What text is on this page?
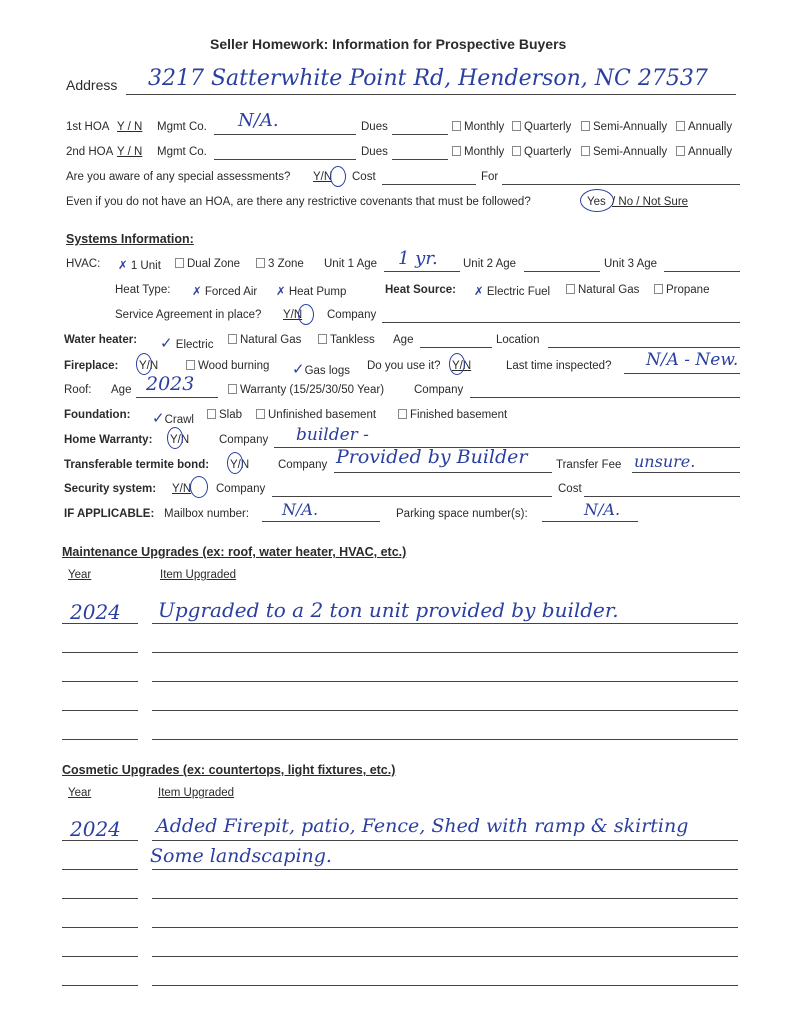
Seller Homework: Information for Prospective Buyers
Address 3217 Satterwhite Point Rd, Henderson, NC 27537
1st HOA Y / N Mgmt Co. N/A.	Dues	Monthly	Quarterly	Semi-Annually	Annually
2nd HOA Y / N Mgmt Co.	Dues	Monthly	Quarterly	Semi-Annually	Annually
Are you aware of any special assessments? Y/N Cost	For
Even if you do not have an HOA, are there any restrictive covenants that must be followed?	Yes / No / Not Sure
Systems Information:
HVAC: ✗ 1 Unit	Dual Zone	3 Zone Unit 1 Age 1 yr. Unit 2 Age	Unit 3 Age
Heat Type: ✗ Forced Air ✗ Heat Pump	Heat Source: ✗ Electric Fuel	Natural Gas	Propane
Service Agreement in place? Y/N Company
Water heater: ✓ Electric	Natural Gas	Tankless Age	Location
Fireplace: Y/N	Wood burning ✓Gas logs Do you use it? Y/N	Last time inspected? N/A - New.
Roof: Age 2023	Warranty (15/25/30/50 Year)	Company
Foundation: ✓Crawl	Slab	Unfinished basement	Finished basement
Home Warranty: Y/N	Company builder -
Transferable termite bond: Y/N	Company Provided by Builder Transfer Fee unsure.
Security system: Y/N Company	Cost
IF APPLICABLE: Mailbox number: N/A.	Parking space number(s):	N/A.
Maintenance Upgrades (ex: roof, water heater, HVAC, etc.)
Year	Item Upgraded
2024 Upgraded to a 2 ton unit provided by builder.
Cosmetic Upgrades (ex: countertops, light fixtures, etc.)
Year	Item Upgraded
2024 Added Firepit, patio, Fence, Shed with ramp & skirting
Some landscaping.
